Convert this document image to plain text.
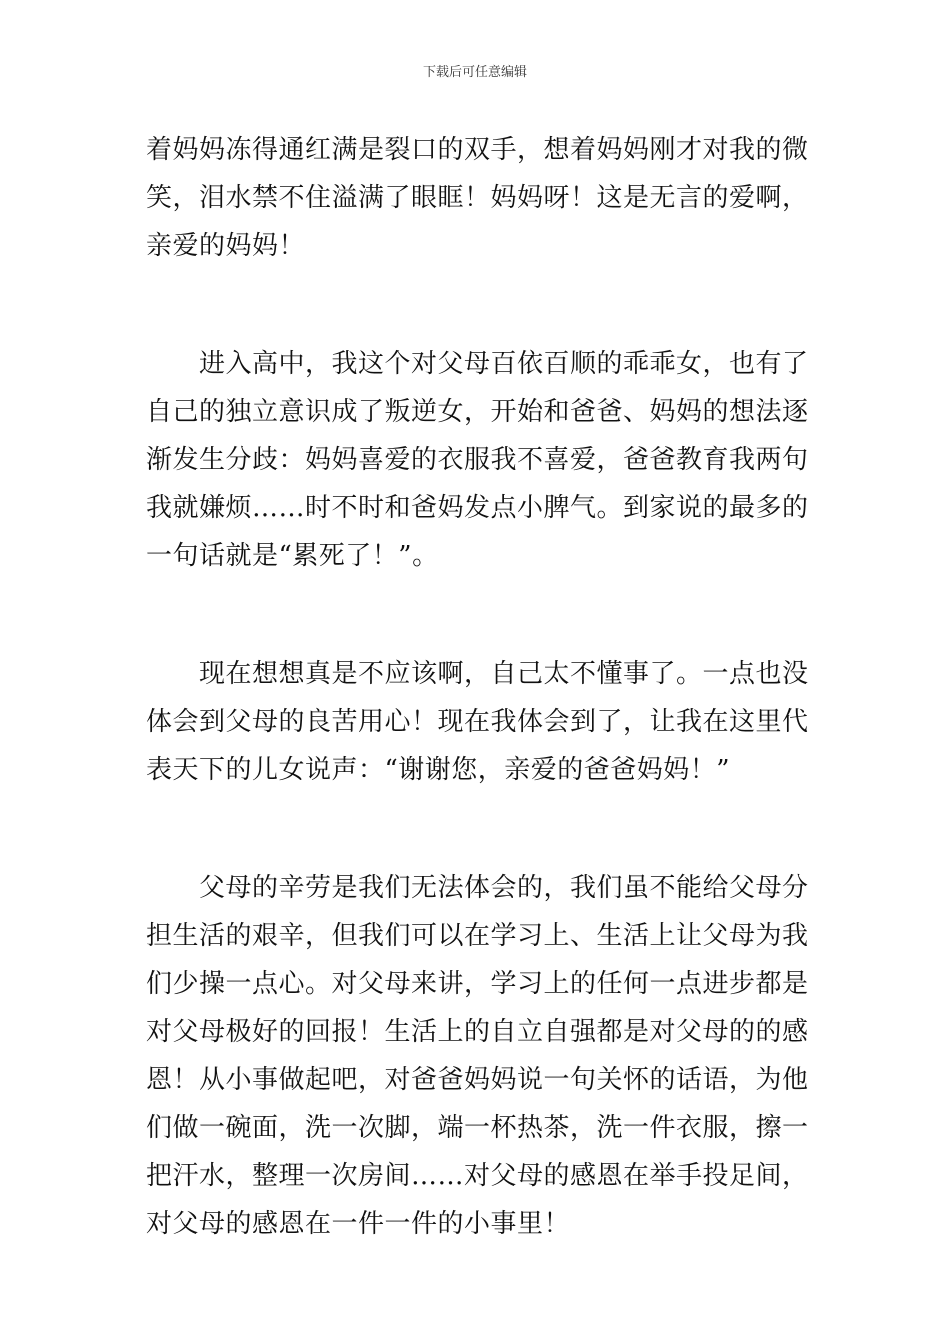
下载后可任意编辑
着妈妈冻得通红满是裂口的双手，想着妈妈刚才对我的微
笑，泪水禁不住溢满了眼眶！妈妈呀！这是无言的爱啊，
亲爱的妈妈！
　　进入高中，我这个对父母百依百顺的乖乖女，也有了
自己的独立意识成了叛逆女，开始和爸爸、妈妈的想法逐
渐发生分歧：妈妈喜爱的衣服我不喜爱，爸爸教育我两句
我就嫌烦……时不时和爸妈发点小脾气。到家说的最多的
一句话就是“累死了！”。
　　现在想想真是不应该啊，自己太不懂事了。一点也没
体会到父母的良苦用心！现在我体会到了，让我在这里代
表天下的儿女说声：“谢谢您，亲爱的爸爸妈妈！”
　　父母的辛劳是我们无法体会的，我们虽不能给父母分
担生活的艰辛，但我们可以在学习上、生活上让父母为我
们少操一点心。对父母来讲，学习上的任何一点进步都是
对父母极好的回报！生活上的自立自强都是对父母的的感
恩！从小事做起吧，对爸爸妈妈说一句关怀的话语，为他
们做一碗面，洗一次脚，端一杯热茶，洗一件衣服，擦一
把汗水，整理一次房间……对父母的感恩在举手投足间，
对父母的感恩在一件一件的小事里！
